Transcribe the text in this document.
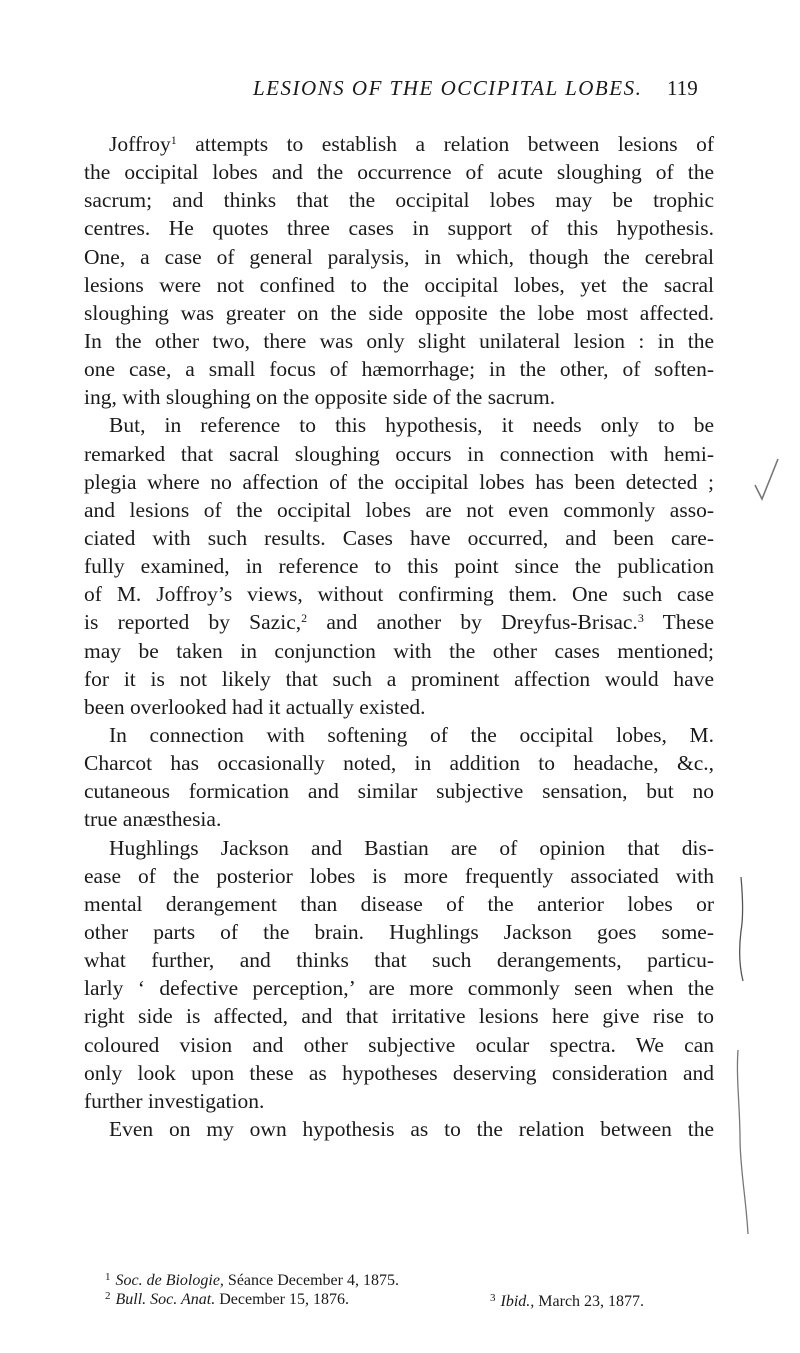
LESIONS OF THE OCCIPITAL LOBES. 119
Joffroy$^1$ attempts to establish a relation between lesions of
the occipital lobes and the occurrence of acute sloughing of the
sacrum; and thinks that the occipital lobes may be trophic
centres. He quotes three cases in support of this hypothesis.
One, a case of general paralysis, in which, though the cerebral
lesions were not confined to the occipital lobes, yet the sacral
sloughing was greater on the side opposite the lobe most affected.
In the other two, there was only slight unilateral lesion : in the
one case, a small focus of hæmorrhage; in the other, of soften-
ing, with sloughing on the opposite side of the sacrum.
But, in reference to this hypothesis, it needs only to be
remarked that sacral sloughing occurs in connection with hemi-
plegia where no affection of the occipital lobes has been detected ;
and lesions of the occipital lobes are not even commonly asso-
ciated with such results. Cases have occurred, and been care-
fully examined, in reference to this point since the publication
of M. Joffroy’s views, without confirming them. One such case
is reported by Sazic,$^2$ and another by Dreyfus-Brisac.$^3$ These
may be taken in conjunction with the other cases mentioned;
for it is not likely that such a prominent affection would have
been overlooked had it actually existed.
In connection with softening of the occipital lobes, M.
Charcot has occasionally noted, in addition to headache, &c.,
cutaneous formication and similar subjective sensation, but no
true anæsthesia.
Hughlings Jackson and Bastian are of opinion that dis-
ease of the posterior lobes is more frequently associated with
mental derangement than disease of the anterior lobes or
other parts of the brain. Hughlings Jackson goes some-
what further, and thinks that such derangements, particu-
larly ‘ defective perception,’ are more commonly seen when the
right side is affected, and that irritative lesions here give rise to
coloured vision and other subjective ocular spectra. We can
only look upon these as hypotheses deserving consideration and
further investigation.
Even on my own hypothesis as to the relation between the
$^1$ Soc. de Biologie, Séance December 4, 1875.
$^2$ Bull. Soc. Anat. December 15, 1876.	$^3$ Ibid., March 23, 1877.
